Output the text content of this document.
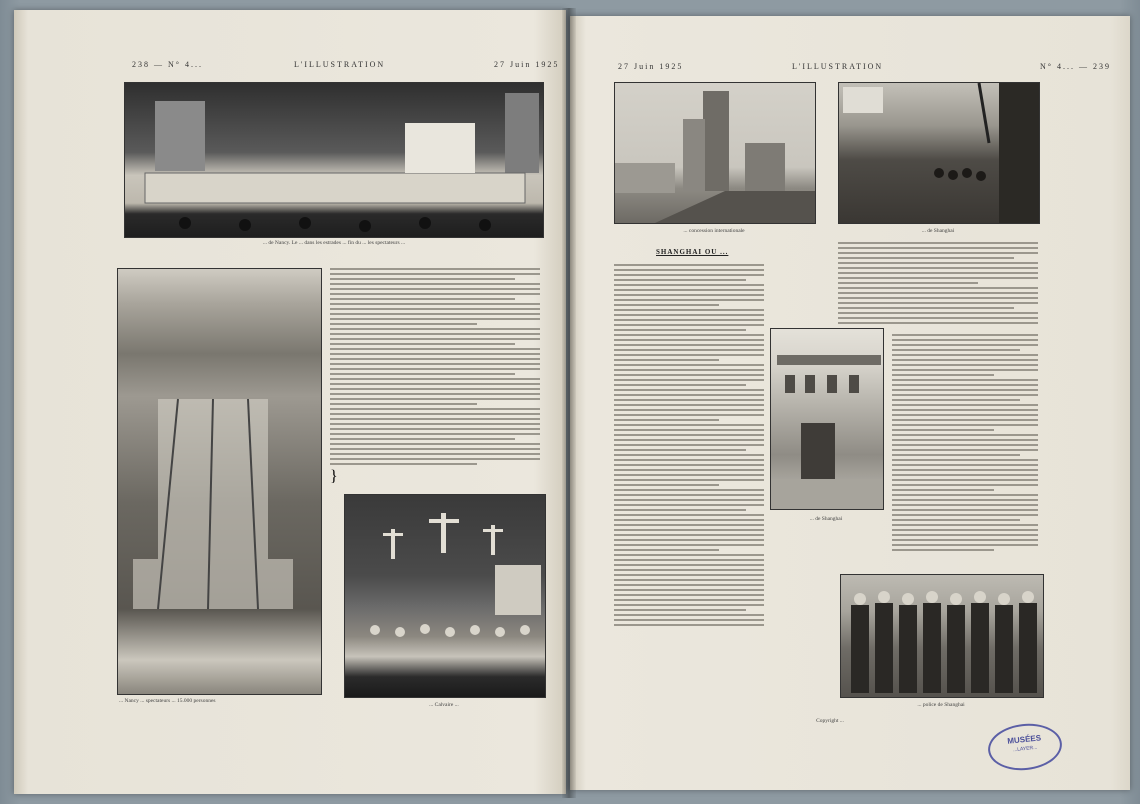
238 — N° 4...	L'ILLUSTRATION	27 Juin 1925
... de Nancy. Le ... dans les estrades ... fin du ... les spectateurs ...
... Nancy ... spectateurs ... 15.000 personnes
}
... Calvaire ...
27 Juin 1925	L'ILLUSTRATION	N° 4... — 239
... concession internationale	... de Shanghai
SHANGHAI OU ...
... de Shanghai
... police de Shanghai
Copyright ...
MUSÉES
...LAYER...
